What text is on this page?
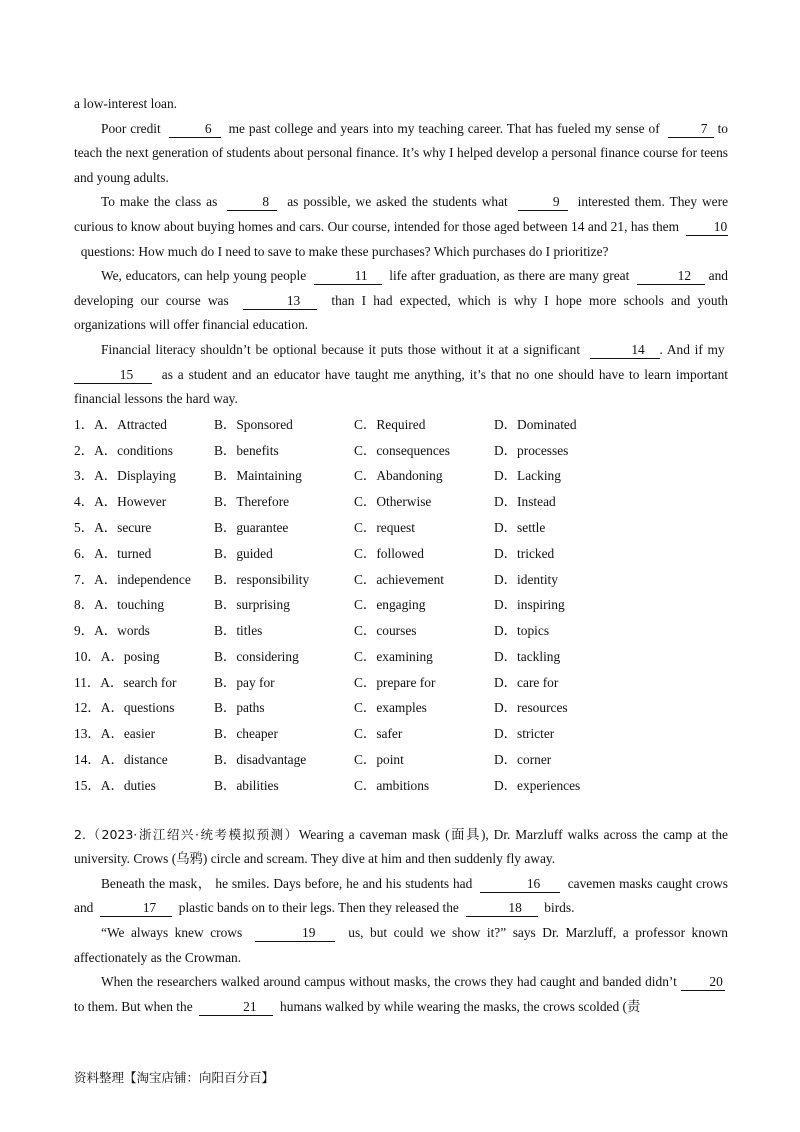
a low-interest loan.

Poor credit	6 me past college and years into my teaching career. That has fueled my sense of	7 to teach the next generation of students about personal finance. It’s why I helped develop a personal finance course for teens and young adults.

To make the class as	8 as possible, we asked the students what	9 interested them. They were curious to know about buying homes and cars. Our course, intended for those aged between 14 and 21, has them	10  questions: How much do I need to save to make these purchases? Which purchases do I prioritize?

We, educators, can help young people	11 life after graduation, as there are many great	12 and developing our course was	13 than I had expected, which is why I hope more schools and youth organizations will offer financial education.

Financial literacy shouldn’t be optional because it puts those without it at a significant	14 . And if my  15 as a student and an educator have taught me anything, it’s that no one should have to learn important financial lessons the hard way.

1．A．Attracted	B．Sponsored	C．Required	D．Dominated
2．A．conditions	B．benefits	C．consequences	D．processes
3．A．Displaying	B．Maintaining	C．Abandoning	D．Lacking
4．A．However	B．Therefore	C．Otherwise	D．Instead
5．A．secure	B．guarantee	C．request	D．settle
6．A．turned	B．guided	C．followed	D．tricked
7．A．independence	B．responsibility	C．achievement	D．identity
8．A．touching	B．surprising	C．engaging	D．inspiring
9．A．words	B．titles	C．courses	D．topics
10．A．posing	B．considering	C．examining	D．tackling
11．A．search for	B．pay for	C．prepare for	D．care for
12．A．questions	B．paths	C．examples	D．resources
13．A．easier	B．cheaper	C．safer	D．stricter
14．A．distance	B．disadvantage	C．point	D．corner
15．A．duties	B．abilities	C．ambitions	D．experiences

2.（2023·浙江绍兴·统考模拟预测）Wearing a caveman mask (面具), Dr. Marzluff walks across the camp at the university. Crows (乌鸦) circle and scream. They dive at him and then suddenly fly away.

Beneath the mask， he smiles. Days before, he and his students had	16 cavemen masks caught crows and	17 plastic bands on to their legs. Then they released the	18 birds.

“We always knew crows	19 us, but could we show it?” says Dr. Marzluff, a professor known affectionately as the Crowman.

When the researchers walked around campus without masks, the crows they had caught and banded didn’t 20  to them. But when the	21 humans walked by while wearing the masks, the crows scolded (责

资料整理【淘宝店铺：向阳百分百】
